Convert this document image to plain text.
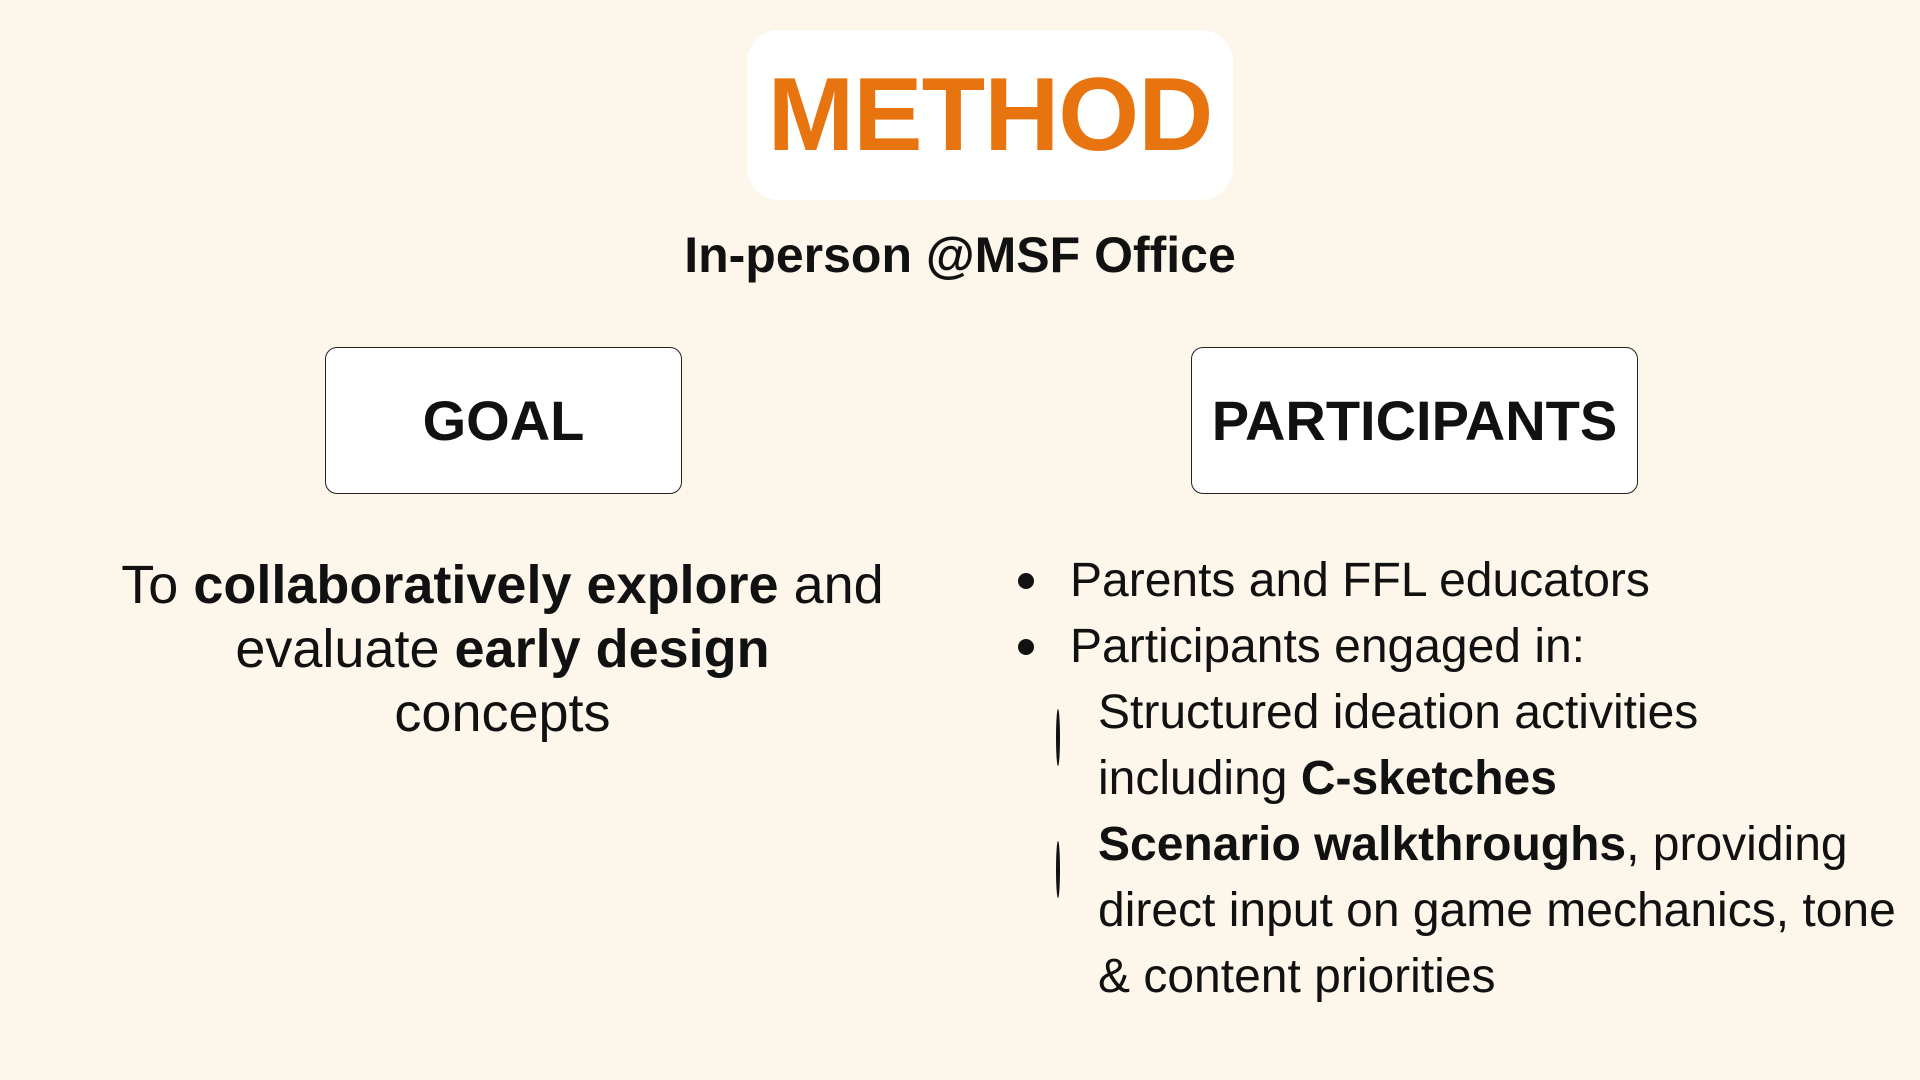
METHOD
In-person @MSF Office
GOAL	PARTICIPANTS
To collaboratively explore and evaluate early design concepts
Parents and FFL educators
Participants engaged in:
Structured ideation activities including C-sketches
Scenario walkthroughs, providing direct input on game mechanics, tone & content priorities
